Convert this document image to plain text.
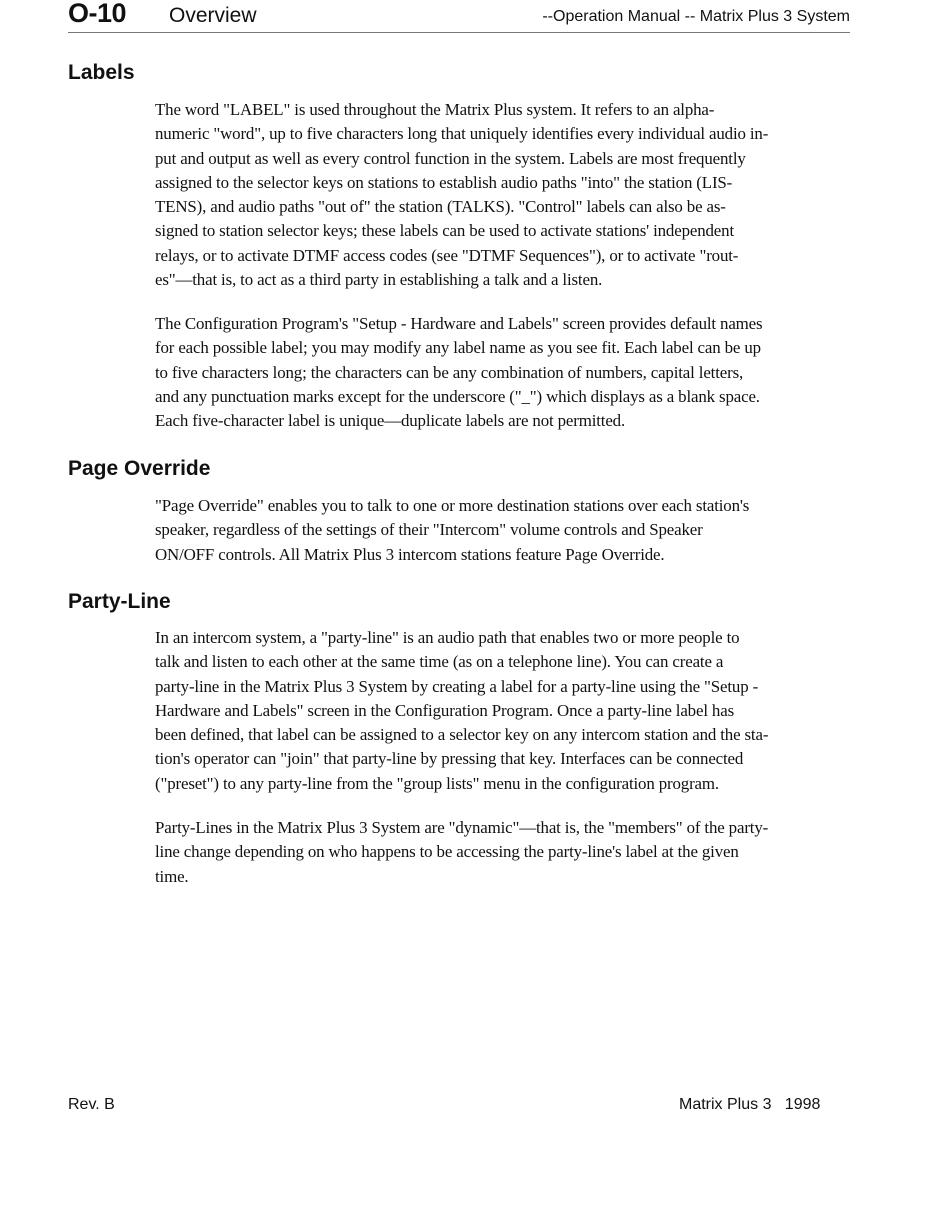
O-10 Overview	--Operation Manual -- Matrix Plus 3 System
Labels

The word "LABEL" is used throughout the Matrix Plus system. It refers to an alpha-
numeric "word", up to five characters long that uniquely identifies every individual audio in-
put and output as well as every control function in the system. Labels are most frequently
assigned to the selector keys on stations to establish audio paths "into" the station (LIS-
TENS), and audio paths "out of" the station (TALKS). "Control" labels can also be as-
signed to station selector keys; these labels can be used to activate stations' independent
relays, or to activate DTMF access codes (see "DTMF Sequences"), or to activate "rout-
es"—that is, to act as a third party in establishing a talk and a listen.

The Configuration Program's "Setup - Hardware and Labels" screen provides default names
for each possible label; you may modify any label name as you see fit. Each label can be up
to five characters long; the characters can be any combination of numbers, capital letters,
and any punctuation marks except for the underscore ("_") which displays as a blank space.
Each five-character label is unique—duplicate labels are not permitted.

Page Override

"Page Override" enables you to talk to one or more destination stations over each station's
speaker, regardless of the settings of their "Intercom" volume controls and Speaker
ON/OFF controls. All Matrix Plus 3 intercom stations feature Page Override.

Party-Line

In an intercom system, a "party-line" is an audio path that enables two or more people to
talk and listen to each other at the same time (as on a telephone line). You can create a
party-line in the Matrix Plus 3 System by creating a label for a party-line using the "Setup -
Hardware and Labels" screen in the Configuration Program. Once a party-line label has
been defined, that label can be assigned to a selector key on any intercom station and the sta-
tion's operator can "join" that party-line by pressing that key. Interfaces can be connected
("preset") to any party-line from the "group lists" menu in the configuration program.

Party-Lines in the Matrix Plus 3 System are "dynamic"—that is, the "members" of the party-
line change depending on who happens to be accessing the party-line's label at the given
time.

Rev. B	Matrix Plus 3   1998
